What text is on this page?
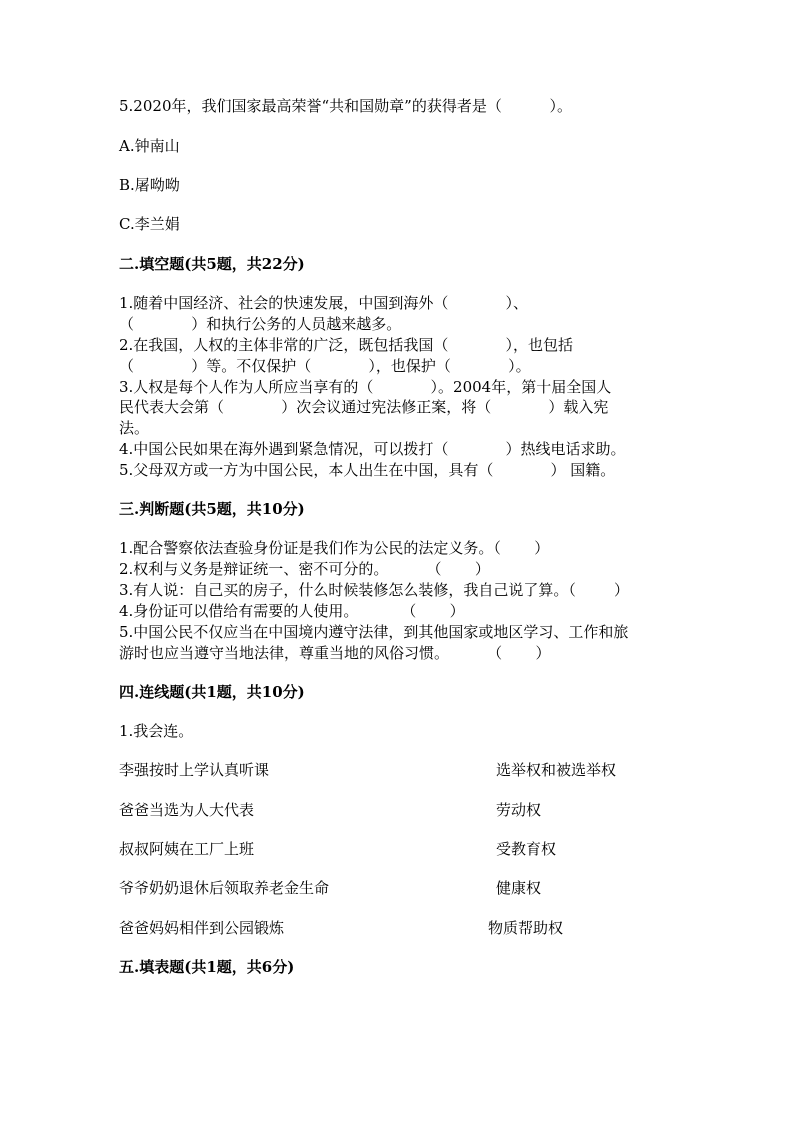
5.2020年，我们国家最高荣誉“共和国勋章”的获得者是（          ）。
A.钟南山
B.屠呦呦
C.李兰娟
二.填空题(共5题，共22分)
1.随着中国经济、社会的快速发展，中国到海外（            ）、
（            ）和执行公务的人员越来越多。
2.在我国，人权的主体非常的广泛，既包括我国（            ），也包括
（            ）等。不仅保护（            ），也保护（            ）。
3.人权是每个人作为人所应当享有的（            ）。2004年，第十届全国人
民代表大会第（            ）次会议通过宪法修正案，将（            ）载入宪
法。
4.中国公民如果在海外遇到紧急情况，可以拨打（            ）热线电话求助。
5.父母双方或一方为中国公民，本人出生在中国，具有（            ） 国籍。
三.判断题(共5题，共10分)
1.配合警察依法查验身份证是我们作为公民的法定义务。（       ）
2.权利与义务是辩证统一、密不可分的。        （       ）
3.有人说：自己买的房子，什么时候装修怎么装修，我自己说了算。（        ）
4.身份证可以借给有需要的人使用。         （       ）
5.中国公民不仅应当在中国境内遵守法律，到其他国家或地区学习、工作和旅
游时也应当遵守当地法律，尊重当地的风俗习惯。        （       ）
四.连线题(共1题，共10分)
1.我会连。
李强按时上学认真听课	选举权和被选举权
爸爸当选为人大代表	劳动权
叔叔阿姨在工厂上班	受教育权
爷爷奶奶退休后领取养老金生命	健康权
爸爸妈妈相伴到公园锻炼	物质帮助权
五.填表题(共1题，共6分)
